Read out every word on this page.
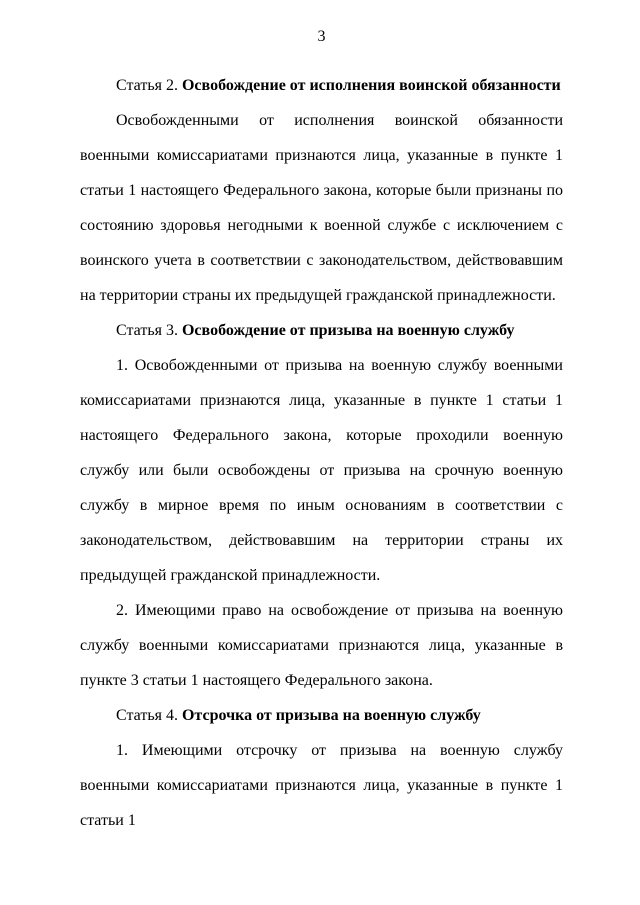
3

Статья 2. Освобождение от исполнения воинской обязанности

Освобожденными от исполнения воинской обязанности военными комиссариатами признаются лица, указанные в пункте 1 статьи 1 настоящего Федерального закона, которые были признаны по состоянию здоровья негодными к военной службе с исключением с воинского учета в соответствии с законодательством, действовавшим на территории страны их предыдущей гражданской принадлежности.

Статья 3. Освобождение от призыва на военную службу

1. Освобожденными от призыва на военную службу военными комиссариатами признаются лица, указанные в пункте 1 статьи 1 настоящего Федерального закона, которые проходили военную службу или были освобождены от призыва на срочную военную службу в мирное время по иным основаниям в соответствии с законодательством, действовавшим на территории страны их предыдущей гражданской принадлежности.

2. Имеющими право на освобождение от призыва на военную службу военными комиссариатами признаются лица, указанные в пункте 3 статьи 1 настоящего Федерального закона.

Статья 4. Отсрочка от призыва на военную службу

1. Имеющими отсрочку от призыва на военную службу военными комиссариатами признаются лица, указанные в пункте 1 статьи 1
